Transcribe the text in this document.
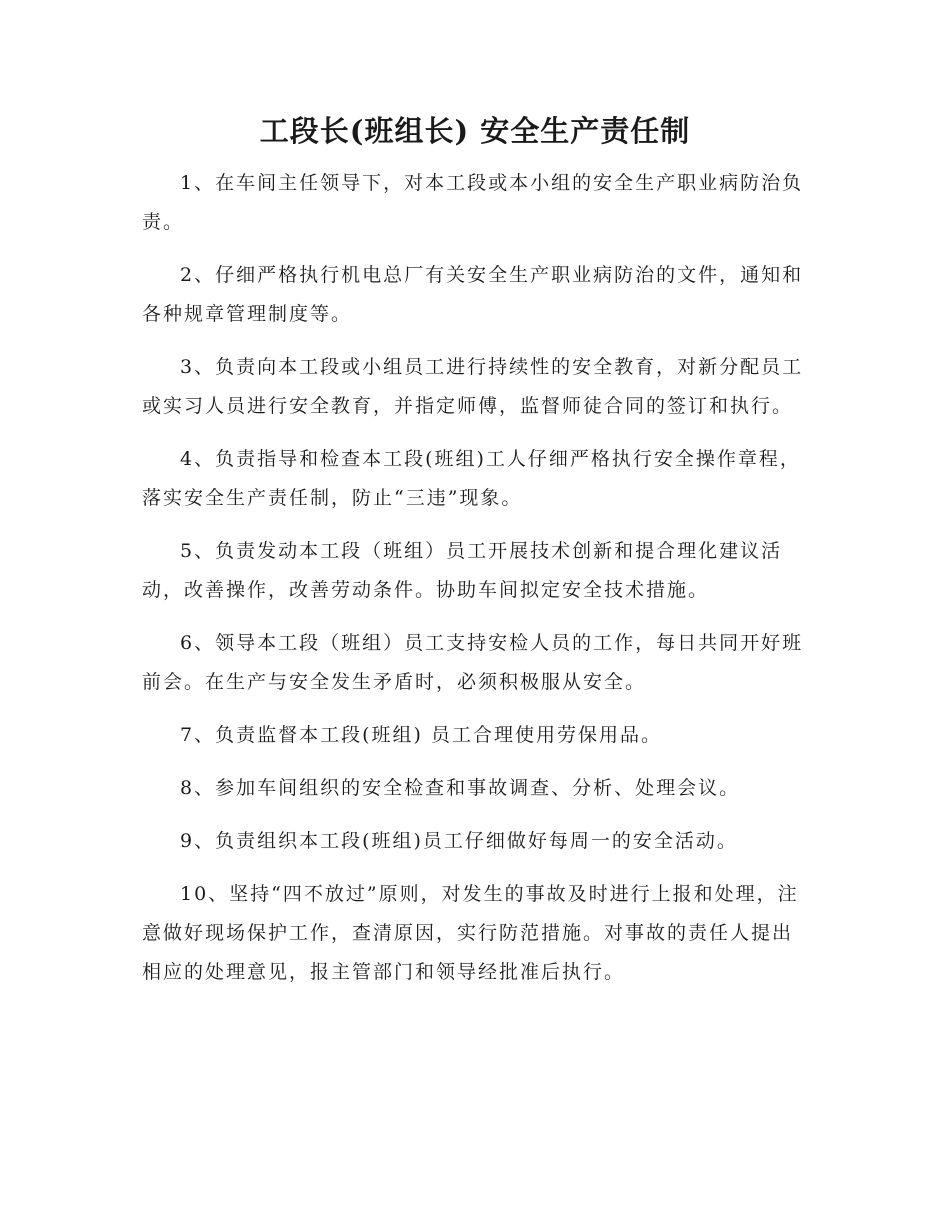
工段长(班组长) 安全生产责任制

1、在车间主任领导下，对本工段或本小组的安全生产职业病防治负责。

2、仔细严格执行机电总厂有关安全生产职业病防治的文件，通知和各种规章管理制度等。

3、负责向本工段或小组员工进行持续性的安全教育，对新分配员工或实习人员进行安全教育，并指定师傅，监督师徒合同的签订和执行。

4、负责指导和检查本工段(班组)工人仔细严格执行安全操作章程，落实安全生产责任制，防止“三违”现象。

5、负责发动本工段（班组）员工开展技术创新和提合理化建议活动，改善操作，改善劳动条件。协助车间拟定安全技术措施。

6、领导本工段（班组）员工支持安检人员的工作，每日共同开好班前会。在生产与安全发生矛盾时，必须积极服从安全。

7、负责监督本工段(班组) 员工合理使用劳保用品。

8、参加车间组织的安全检查和事故调查、分析、处理会议。

9、负责组织本工段(班组)员工仔细做好每周一的安全活动。

10、坚持“四不放过”原则，对发生的事故及时进行上报和处理，注意做好现场保护工作，查清原因，实行防范措施。对事故的责任人提出相应的处理意见，报主管部门和领导经批准后执行。
